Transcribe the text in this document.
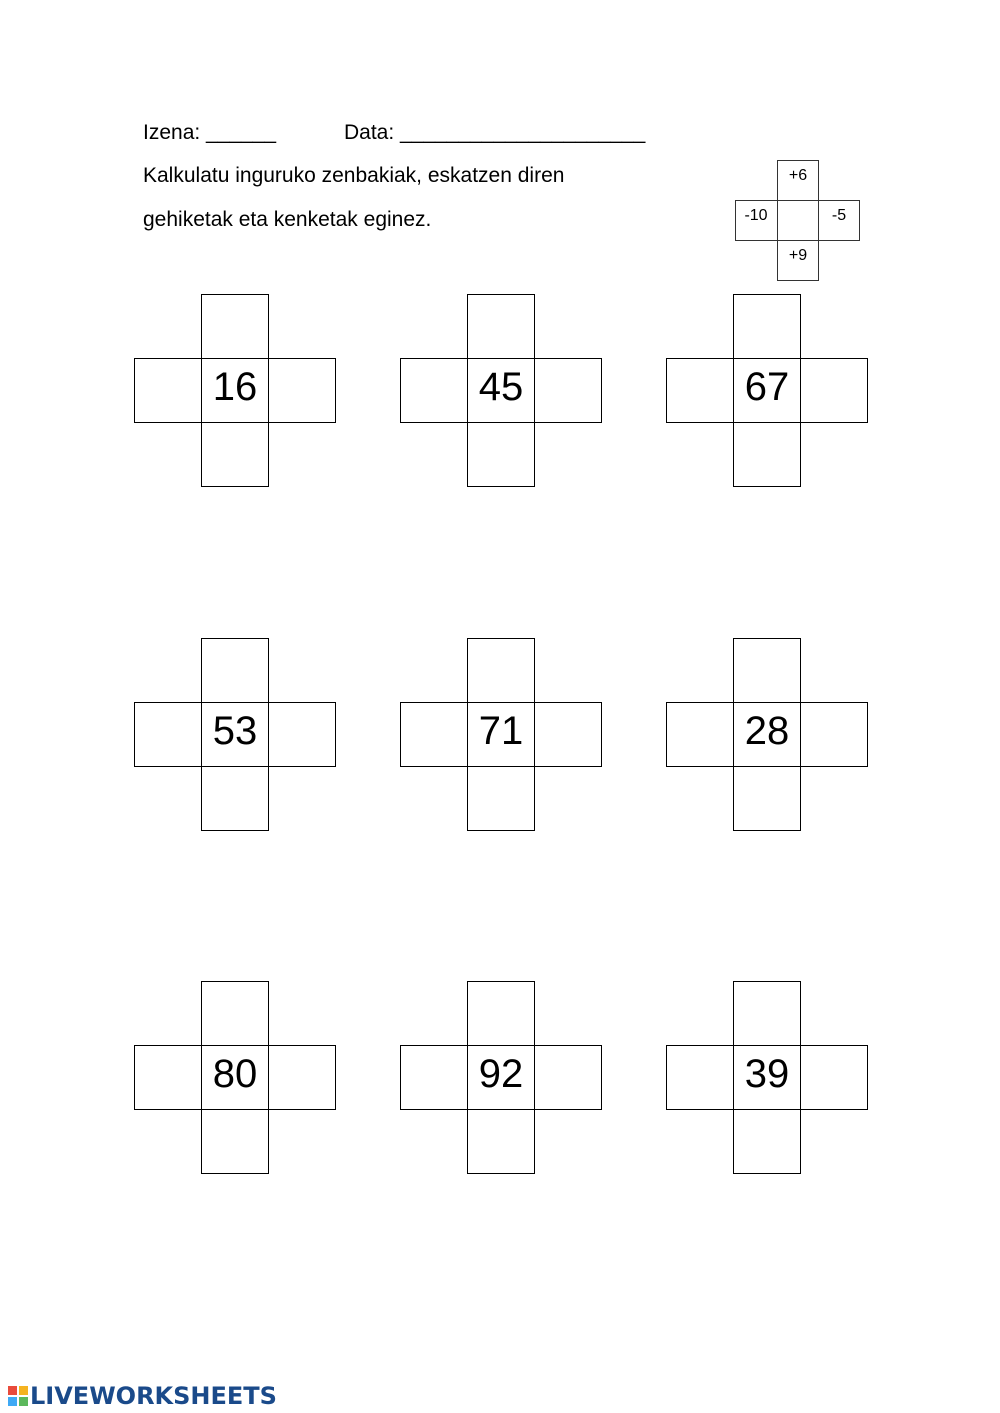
Izena: ______	Data: _____________________
Kalkulatu inguruko zenbakiak, eskatzen diren
gehiketak eta kenketak eginez.
+6
-10	-5
+9
16	45	67
53	71	28
80	92	39
LIVEWORKSHEETS
